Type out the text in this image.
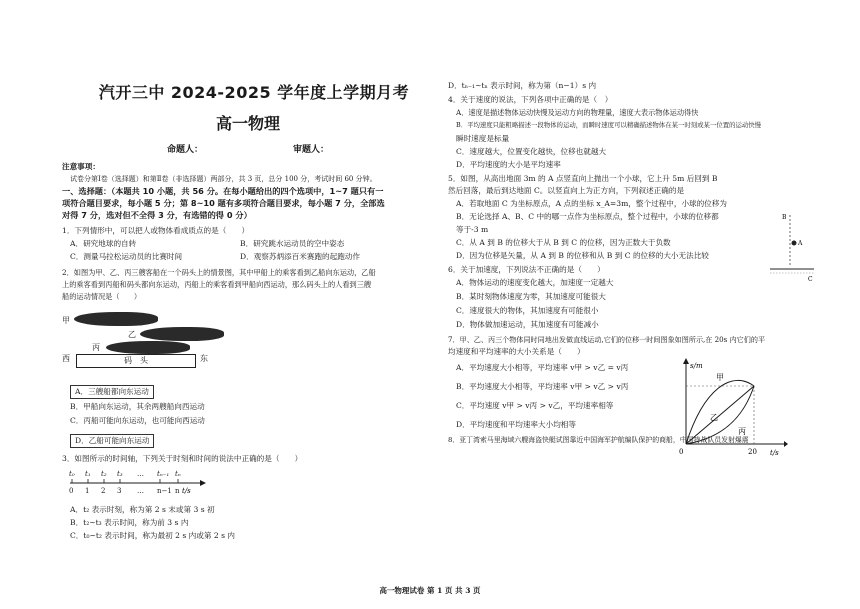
汽开三中 2024-2025 学年度上学期月考
高一物理
命题人：	审题人：
注意事项：
试卷分第Ⅰ卷（选择题）和第Ⅱ卷（非选择题）两部分，共 3 页，总分 100 分，考试时间 60 分钟。
一、选择题：（本题共 10 小题，共 56 分。在每小题给出的四个选项中，1~7 题只有一
项符合题目要求，每小题 5 分；第 8~10 题有多项符合题目要求，每小题 7 分，全部选
对得 7 分，选对但不全得 3 分，有选错的得 0 分）
1．下列情形中，可以把人或物体看成质点的是（　　）
A．研究地球的自转	B．研究跳水运动员的空中姿态
C．测量马拉松运动员的比赛时间	D．观察苏炳添百米赛跑的起跑动作
2．如图为甲、乙、丙三艘客船在一个码头上的情景图，其中甲船上的乘客看到乙船向东运动，乙船
上的乘客看到丙船和码头都向东运动，丙船上的乘客看到甲船向西运动，那么码头上的人看到三艘
船的运动情况是（　　）
甲
乙
西
丙
东
码　头
A．三艘船都向东运动
B．甲船向东运动，其余两艘船向西运动
C．丙船可能向东运动，也可能向西运动
D．乙船可能向东运动
3．如图所示的时间轴，下列关于时刻和时间的说法中正确的是（　　）
t₀ t₁ t₂ t₃ … tₙ₋₁ tₙ
0 1 2 3 … n−1 n t/s
A．t₂ 表示时刻，称为第 2 s 末或第 3 s 初
B．t₂~t₃ 表示时间，称为前 3 s 内
C．t₀~t₂ 表示时间，称为最初 2 s 内或第 2 s 内
D．tₙ₋₁~tₙ 表示时间，称为第（n−1）s 内
4．关于速度的说法，下列各项中正确的是（　）
A．速度是描述物体运动快慢及运动方向的物理量，速度大表示物体运动得快
B．平均速度只能粗略描述一段物体的运动，而瞬时速度可以精确描述物体在某一时刻或某一位置的运动快慢
瞬时速度是标量
C．速度越大，位置变化越快，位移也就越大
D．平均速度的大小是平均速率
5．如图，从高出地面 3m 的 A 点竖直向上抛出一个小球，它上升 5m 后回到 B
然后回落，最后到达地面 C。以竖直向上为正方向，下列叙述正确的是
A．若取地面 C 为坐标原点，A 点的坐标 x_A=3m，整个过程中，小球的位移为
B．无论选择 A、B、C 中的哪一点作为坐标原点，整个过程中，小球的位移都
等于-3 m
C．从 A 到 B 的位移大于从 B 到 C 的位移，因为正数大于负数
D．因为位移是矢量，从 A 到 B 的位移和从 B 到 C 的位移的大小无法比较
B
A
C
6．关于加速度，下列说法不正确的是（　　）
A．物体运动的速度变化越大，加速度一定越大
B．某时刻物体速度为零，其加速度可能很大
C．速度很大的物体，其加速度有可能很小
D．物体做加速运动，其加速度有可能减小
7．甲、乙、丙三个物体同时同地出发做直线运动,它们的位移一时间图象如图所示,在 20s 内它们的平
均速度和平均速率的大小关系是（　　）
A．平均速度大小相等，平均速率 v甲 > v乙 = v丙
B．平均速度大小相等，平均速率 v甲 > v乙 > v丙
C．平均速度 v甲 > v丙 > v乙，平均速率相等
D．平均速度和平均速率大小均相等
s/m
t/s
0	20
甲
乙
丙
8．亚丁湾索马里海域六艘海盗快艇试图靠近中国海军护航编队保护的商船，中国特战队员发射爆震
高一物理试卷 第 1 页 共 3 页
